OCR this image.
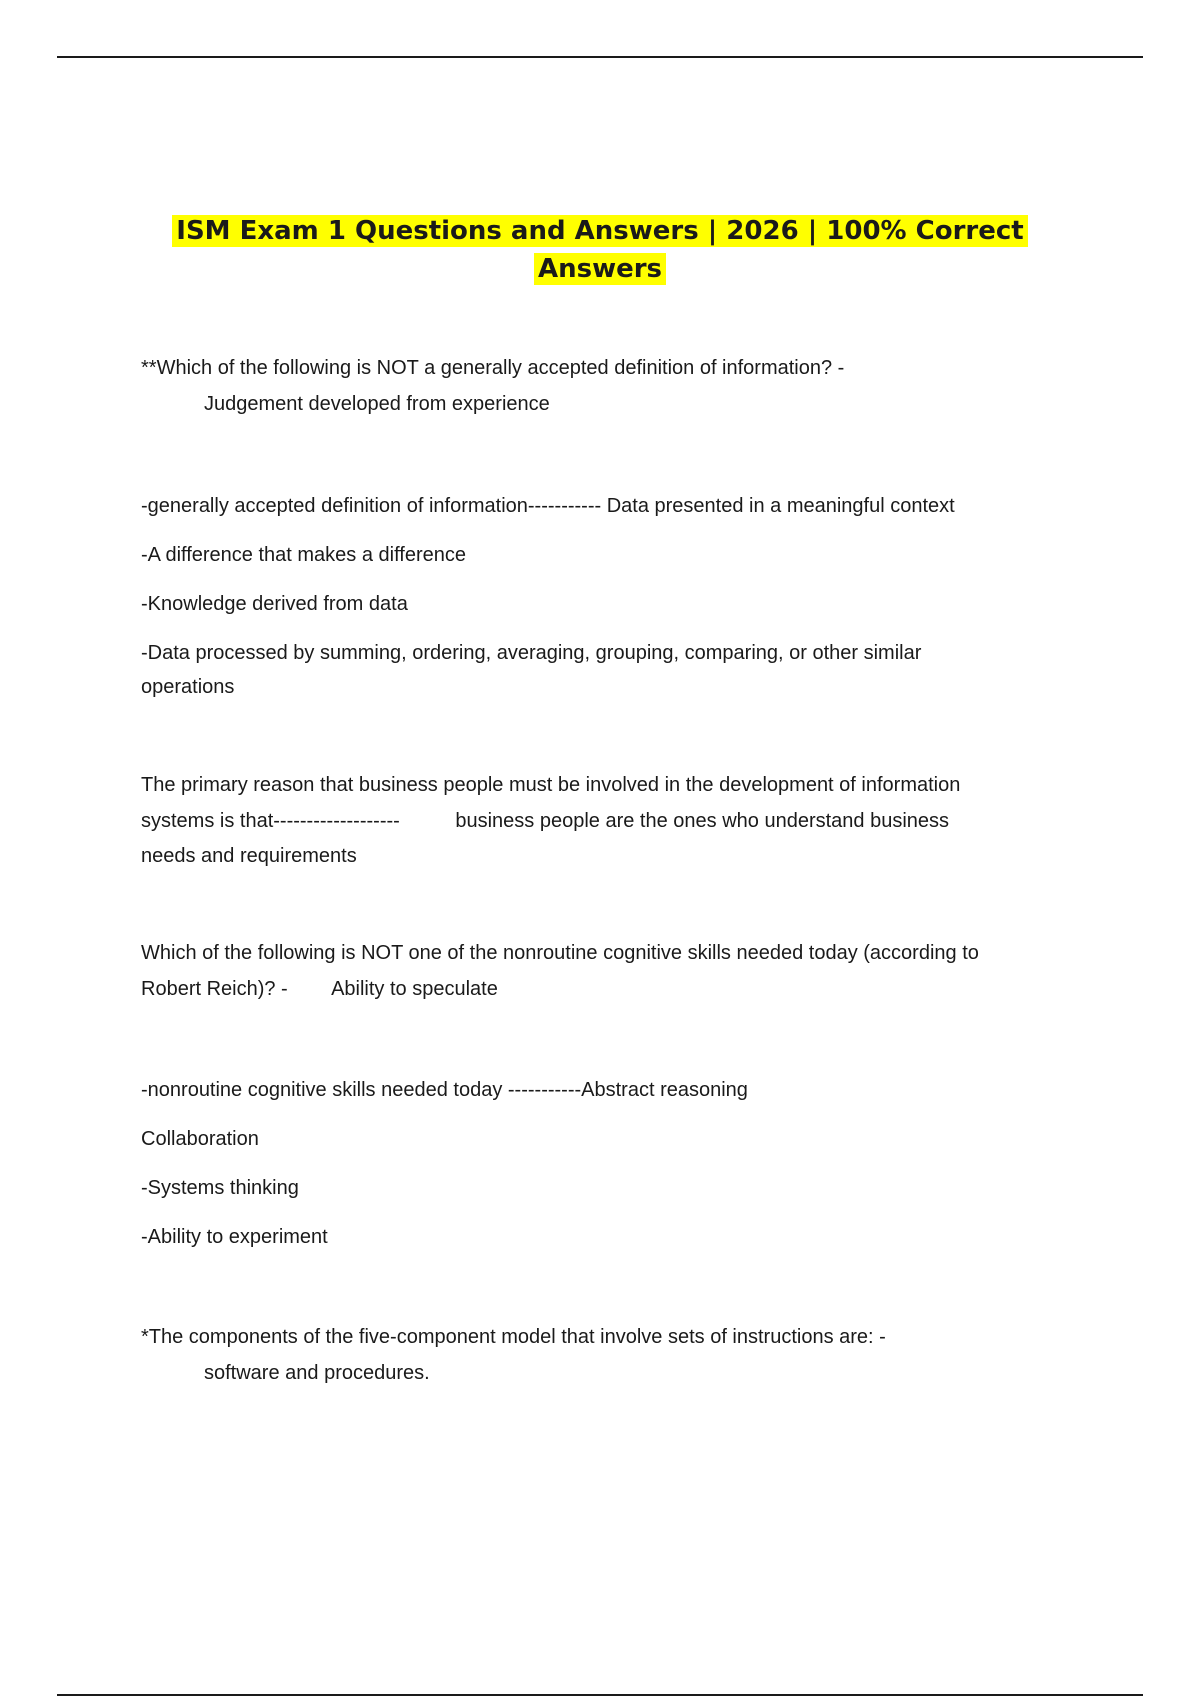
ISM Exam 1 Questions and Answers | 2026 | 100% Correct
Answers
**Which of the following is NOT a generally accepted definition of information? -
Judgement developed from experience
-generally accepted definition of information----------- Data presented in a meaningful context
-A difference that makes a difference
-Knowledge derived from data
-Data processed by summing, ordering, averaging, grouping, comparing, or other similar
operations
The primary reason that business people must be involved in the development of information
systems is that-------------------          business people are the ones who understand business
needs and requirements
Which of the following is NOT one of the nonroutine cognitive skills needed today (according to
Robert Reich)? -        Ability to speculate
-nonroutine cognitive skills needed today -----------Abstract reasoning
Collaboration
-Systems thinking
-Ability to experiment
*The components of the five-component model that involve sets of instructions are: -
software and procedures.
